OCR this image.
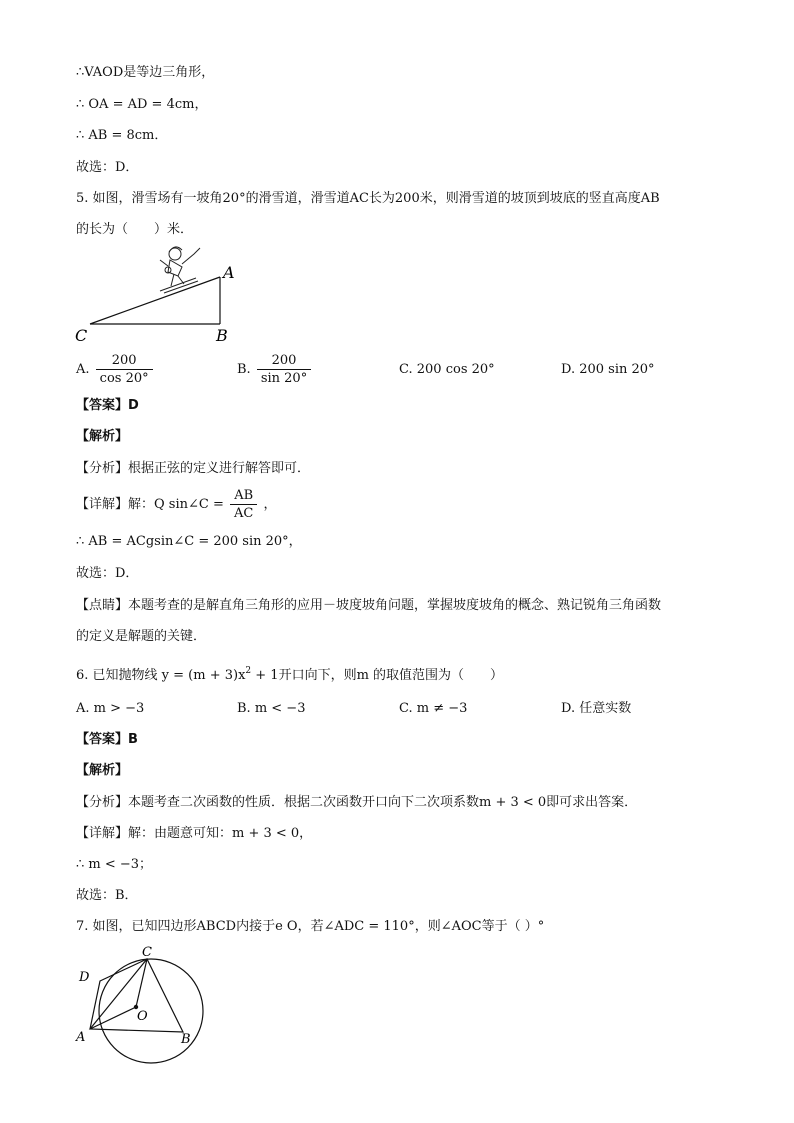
∴VAOD是等边三角形，
∴ OA = AD = 4cm，
∴ AB = 8cm．
故选：D．
5. 如图，滑雪场有一坡角20°的滑雪道，滑雪道AC长为200米，则滑雪道的坡顶到坡底的竖直高度AB
的长为（　　）米．
A
B
C
A. $\frac{200}{\cos 20^\circ}$	B. $\frac{200}{\sin 20^\circ}$	C. 200 cos 20°	D. 200 sin 20°
【答案】D
【解析】
【分析】根据正弦的定义进行解答即可．
【详解】解：Q sin∠C = $\frac{AB}{AC}$ ，
∴ AB = ACgsin∠C = 200 sin 20°，
故选：D．
【点睛】本题考查的是解直角三角形的应用－坡度坡角问题，掌握坡度坡角的概念、熟记锐角三角函数
的定义是解题的关键．
6. 已知抛物线 $y = (m + 3)x^2 + 1$开口向下，则m 的取值范围为（　　）
A. m > −3	B. m < −3	C. m ≠ −3	D. 任意实数
【答案】B
【解析】
【分析】本题考查二次函数的性质．根据二次函数开口向下二次项系数m + 3 < 0即可求出答案．
【详解】解：由题意可知：m + 3 < 0，
∴ m < −3；
故选：B．
7. 如图，已知四边形ABCD内接于e O，若∠ADC = 110°，则∠AOC等于（ ）°
C
D
O
A	B
